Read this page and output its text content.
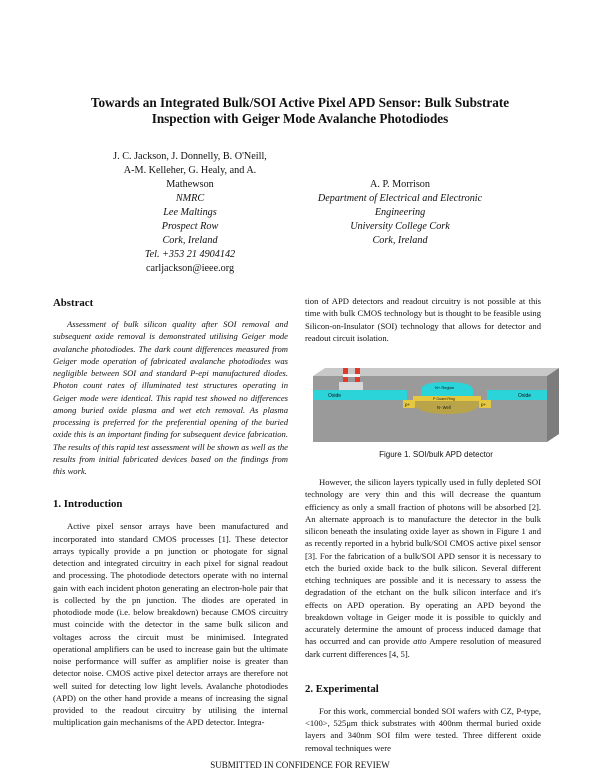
Towards an Integrated Bulk/SOI Active Pixel APD Sensor: Bulk Substrate
Inspection with Geiger Mode Avalanche Photodiodes
J. C. Jackson, J. Donnelly, B. O'Neill,
A-M. Kelleher, G. Healy, and A.
Mathewson
NMRC
Lee Maltings
Prospect Row
Cork, Ireland
Tel. +353 21 4904142
carljackson@ieee.org
A. P. Morrison
Department of Electrical and Electronic
Engineering
University College Cork
Cork, Ireland
Abstract

Assessment of bulk silicon quality after SOI removal and subsequent oxide removal is demonstrated utilising Geiger mode avalanche photodiodes. The dark count differences measured from Geiger mode operation of fabricated avalanche photodiodes was negligible between SOI and standard P-epi manufactured diodes. Photon count rates of illuminated test structures operating in Geiger mode were identical. This rapid test showed no differences among buried oxide plasma and wet etch removal. As plasma processing is preferred for the preferential opening of the buried oxide this is an important finding for subsequent device fabrication. The results of this rapid test assessment will be shown as well as the results from initial fabricated devices based on the findings from this work.

1. Introduction

Active pixel sensor arrays have been manufactured and incorporated into standard CMOS processes [1]. These detector arrays typically provide a pn junction or photogate for signal detection and integrated circuitry in each pixel for signal readout and processing. The photodiode detectors operate with no internal gain with each incident photon generating an electron-hole pair that is collected by the pn junction. The diodes are operated in photodiode mode (i.e. below breakdown) because CMOS circuitry must coincide with the detector in the same bulk silicon and voltages across the circuit must be minimised. Integrated operational amplifiers can be used to increase gain but the ultimate noise performance will suffer as amplifier noise is greater than detector noise. CMOS active pixel detector arrays are therefore not well suited for detecting low light levels. Avalanche photodiodes (APD) on the other hand provide a means of increasing the signal provided to the readout circuitry by utilising the internal multiplication gain mechanisms of the APD detector. Integra-

tion of APD detectors and readout circuitry is not possible at this time with bulk CMOS technology but is thought to be feasible using Silicon-on-Insulator (SOI) technology that allows for detector and readout circuit isolation.

Oxide	Oxide
p+	p+
N+ Region
P Guard Ring
N- Well
Figure 1. SOI/bulk APD detector

However, the silicon layers typically used in fully depleted SOI technology are very thin and this will decrease the quantum efficiency as only a small fraction of photons will be absorbed [2]. An alternate approach is to manufacture the detector in the bulk silicon beneath the insulating oxide layer as shown in Figure 1 and as recently reported in a hybrid bulk/SOI CMOS active pixel sensor [3]. For the fabrication of a bulk/SOI APD sensor it is necessary to etch the buried oxide back to the bulk silicon. Several different etching techniques are possible and it is necessary to assess the degradation of the etchant on the bulk silicon interface and it's effects on APD operation. By operating an APD beyond the breakdown voltage in Geiger mode it is possible to quickly and accurately determine the amount of process induced damage that has occurred and can provide atto Ampere resolution of measured dark current differences [4, 5].

2. Experimental

For this work, commercial bonded SOI wafers with CZ, P-type, <100>, 525μm thick substrates with 400nm thermal buried oxide layers and 340nm SOI film were tested. Three different oxide removal techniques were

SUBMITTED IN CONFIDENCE FOR REVIEW
